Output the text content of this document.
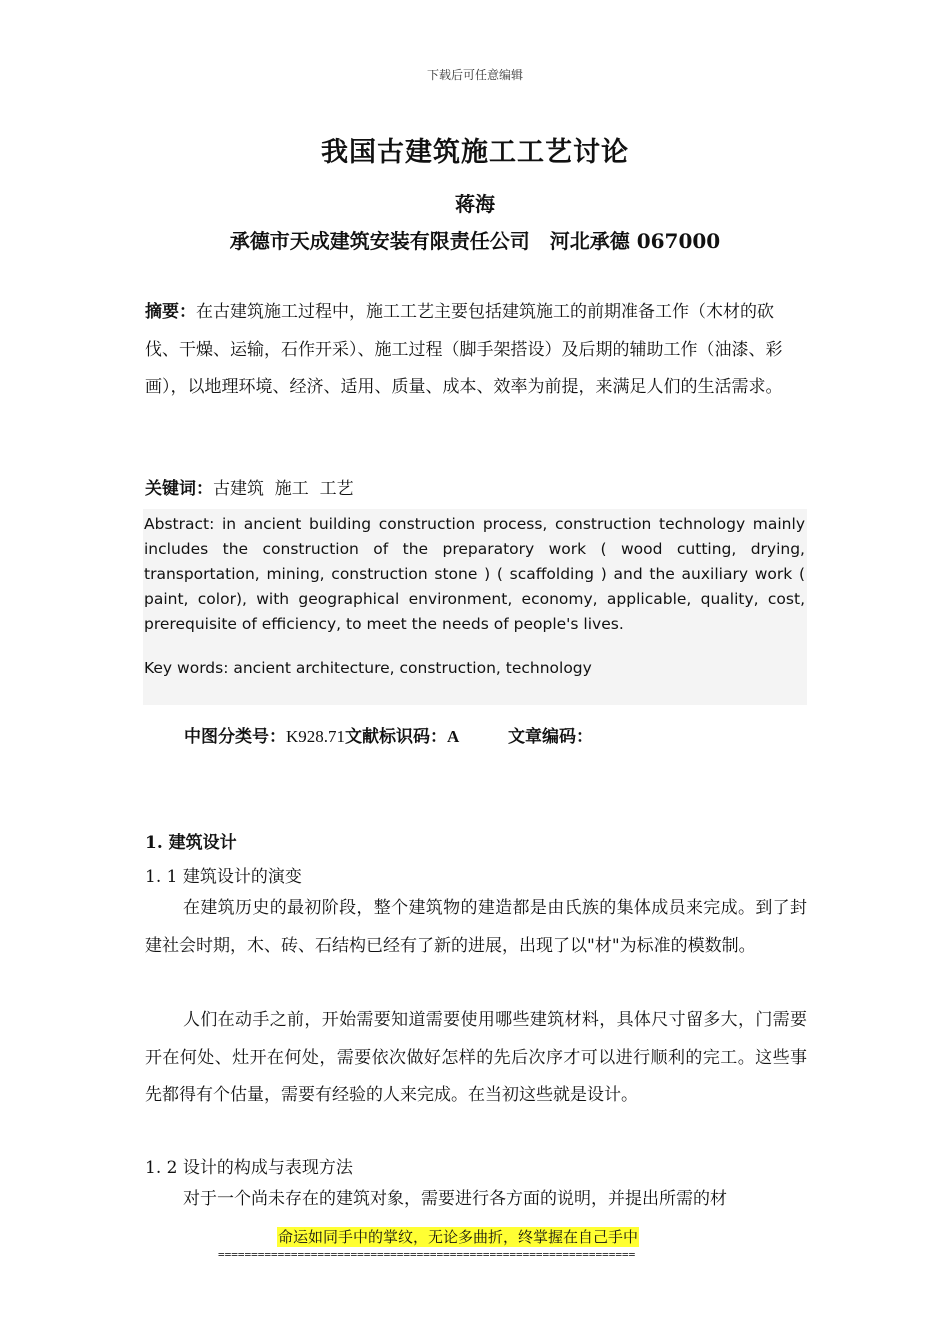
下载后可任意编辑
我国古建筑施工工艺讨论
蒋海
承德市天成建筑安装有限责任公司　河北承德 067000
摘要：在古建筑施工过程中，施工工艺主要包括建筑施工的前期准备工作（木材的砍伐、干燥、运输，石作开采）、施工过程（脚手架搭设）及后期的辅助工作（油漆、彩画），以地理环境、经济、适用、质量、成本、效率为前提，来满足人们的生活需求。
关键词：古建筑  施工  工艺
Abstract: in ancient building construction process, construction technology mainly includes the construction of the preparatory work ( wood cutting, drying, transportation, mining, construction stone ) ( scaffolding ) and the auxiliary work ( paint, color), with geographical environment, economy, applicable, quality, cost, prerequisite of efficiency, to meet the needs of people's lives.
Key words: ancient architecture, construction, technology
中图分类号：K928.71文献标识码：A	文章编码：
1. 建筑设计
1. 1 建筑设计的演变
在建筑历史的最初阶段，整个建筑物的建造都是由氏族的集体成员来完成。到了封建社会时期，木、砖、石结构已经有了新的进展，出现了以"材"为标准的模数制。
人们在动手之前，开始需要知道需要使用哪些建筑材料，具体尺寸留多大，门需要开在何处、灶开在何处，需要依次做好怎样的先后次序才可以进行顺利的完工。这些事先都得有个估量，需要有经验的人来完成。在当初这些就是设计。
1. 2 设计的构成与表现方法
对于一个尚未存在的建筑对象，需要进行各方面的说明，并提出所需的材
命运如同手中的掌纹，无论多曲折，终掌握在自己手中
===============================================================
